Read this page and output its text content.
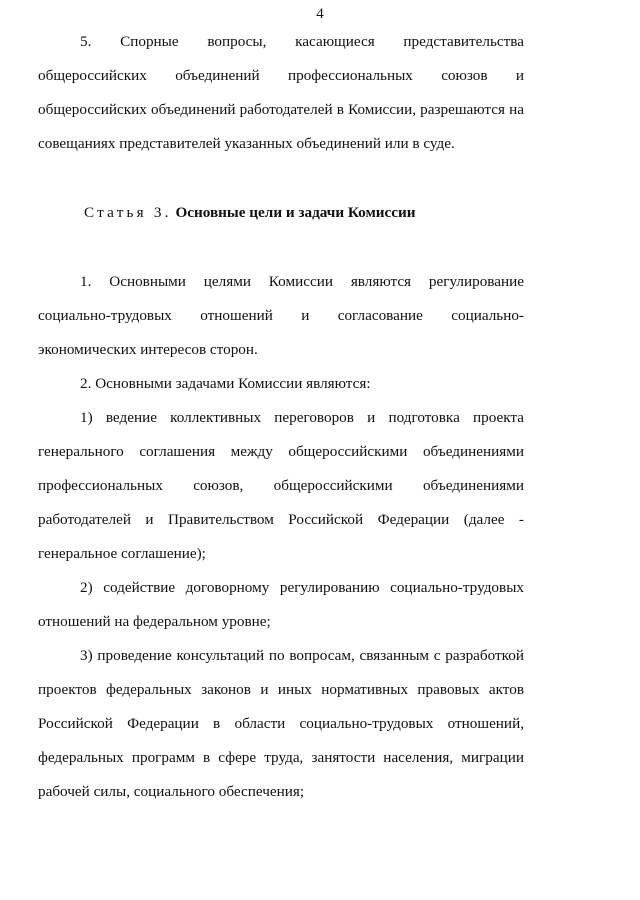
4

5. Спорные вопросы, касающиеся представительства общероссийских объединений профессиональных союзов и общероссийских объединений работодателей в Комиссии, разрешаются на совещаниях представителей указанных объединений или в суде.

Статья 3. Основные цели и задачи Комиссии

1. Основными целями Комиссии являются регулирование социально-трудовых отношений и согласование социально-экономических интересов сторон.

2. Основными задачами Комиссии являются:

1) ведение коллективных переговоров и подготовка проекта генерального соглашения между общероссийскими объединениями профессиональных союзов, общероссийскими объединениями работодателей и Правительством Российской Федерации (далее - генеральное соглашение);

2) содействие договорному регулированию социально-трудовых отношений на федеральном уровне;

3) проведение консультаций по вопросам, связанным с разработкой проектов федеральных законов и иных нормативных правовых актов Российской Федерации в области социально-трудовых отношений, федеральных программ в сфере труда, занятости населения, миграции рабочей силы, социального обеспечения;
